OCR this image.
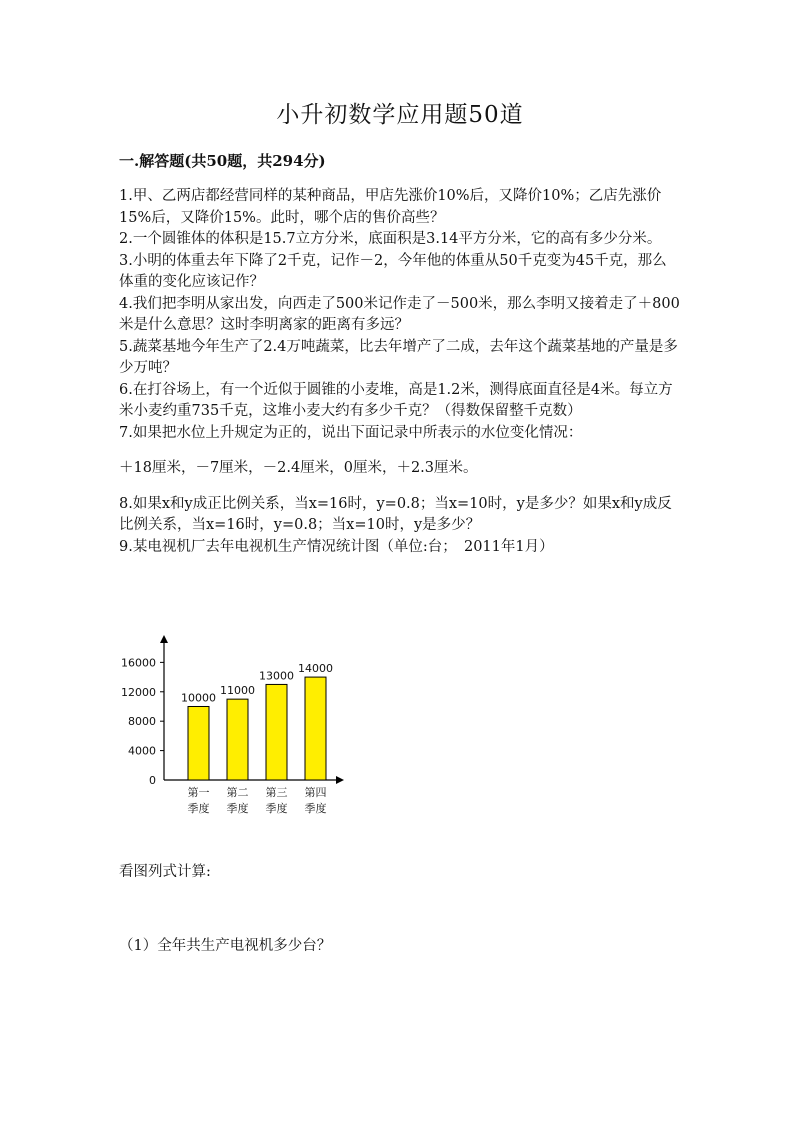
小升初数学应用题50道
一.解答题(共50题，共294分)

1.甲、乙两店都经营同样的某种商品，甲店先涨价10%后，又降价10%；乙店先涨价15%后，又降价15%。此时，哪个店的售价高些？

2.一个圆锥体的体积是15.7立方分米，底面积是3.14平方分米，它的高有多少分米。

3.小明的体重去年下降了2千克，记作－2，今年他的体重从50千克变为45千克，那么体重的变化应该记作？

4.我们把李明从家出发，向西走了500米记作走了－500米，那么李明又接着走了＋800米是什么意思？这时李明离家的距离有多远？

5.蔬菜基地今年生产了2.4万吨蔬菜，比去年增产了二成，去年这个蔬菜基地的产量是多少万吨？

6.在打谷场上，有一个近似于圆锥的小麦堆，高是1.2米，测得底面直径是4米。每立方米小麦约重735千克，这堆小麦大约有多少千克？（得数保留整千克数）

7.如果把水位上升规定为正的，说出下面记录中所表示的水位变化情况：

＋18厘米，－7厘米，－2.4厘米，0厘米，＋2.3厘米。

8.如果x和y成正比例关系，当x=16时，y=0.8；当x=10时，y是多少？如果x和y成反比例关系，当x=16时，y=0.8；当x=10时，y是多少？

9.某电视机厂去年电视机生产情况统计图（单位:台；　2011年1月）

0
4000
8000
12000
16000
10000
第一
季度
11000
第二
季度
13000
第三
季度
14000
第四
季度
看图列式计算:
（1）全年共生产电视机多少台？
